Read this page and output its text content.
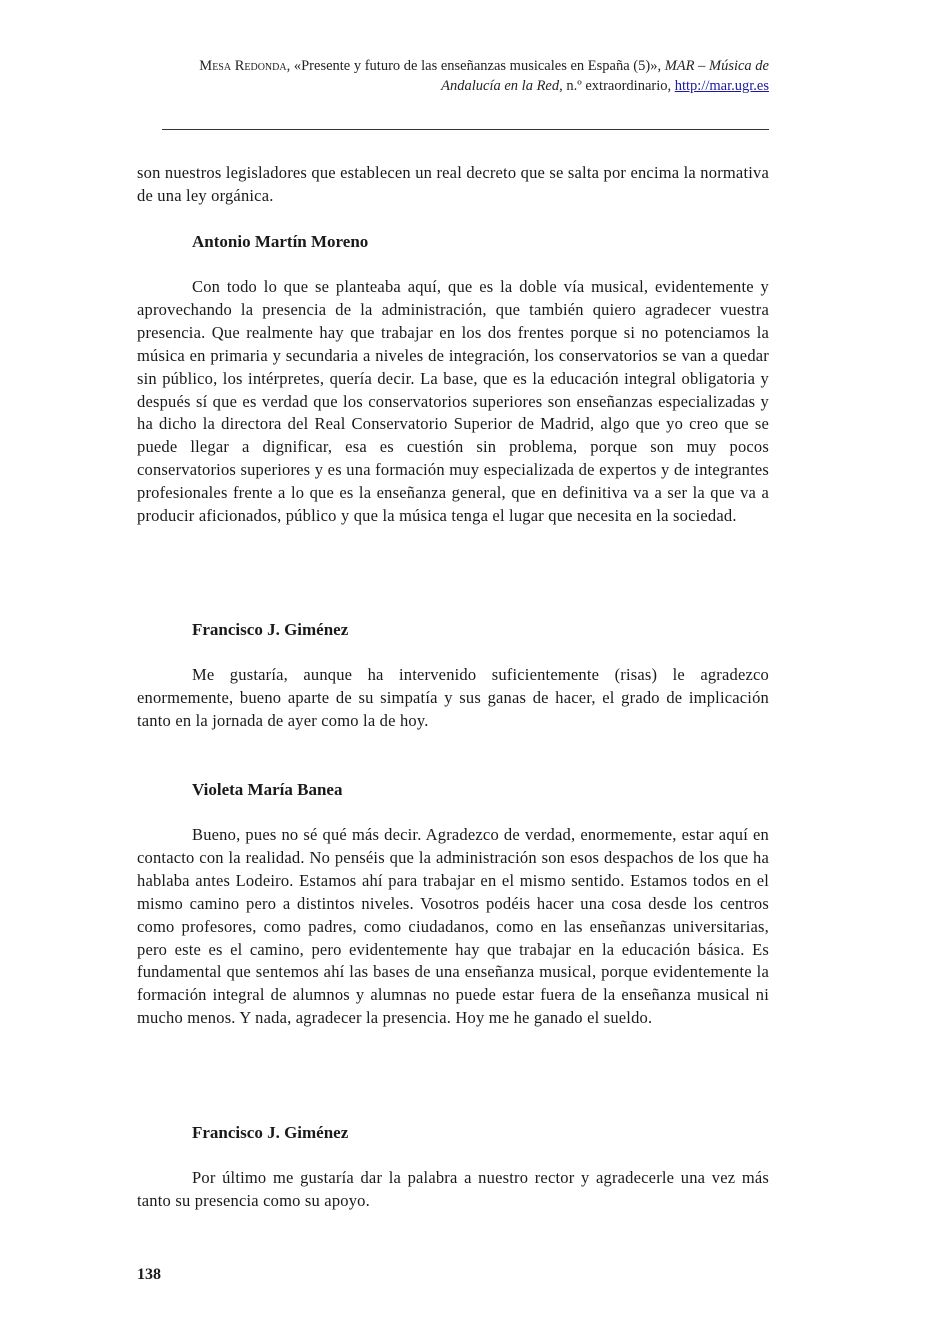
Mesa Redonda, «Presente y futuro de las enseñanzas musicales en España (5)», MAR – Música de
Andalucía en la Red, n.º extraordinario, http://mar.ugr.es

son nuestros legisladores que establecen un real decreto que se salta por encima la normativa de una ley orgánica.

Antonio Martín Moreno

Con todo lo que se planteaba aquí, que es la doble vía musical, evidentemente y aprovechando la presencia de la administración, que también quiero agradecer vuestra presencia. Que realmente hay que trabajar en los dos frentes porque si no potenciamos la música en primaria y secundaria a niveles de integración, los conservatorios se van a quedar sin público, los intérpretes, quería decir. La base, que es la educación integral obligatoria y después sí que es verdad que los conservatorios superiores son enseñanzas especializadas y ha dicho la directora del Real Conservatorio Superior de Madrid, algo que yo creo que se puede llegar a dignificar, esa es cuestión sin problema, porque son muy pocos conservatorios superiores y es una formación muy especializada de expertos y de integrantes profesionales frente a lo que es la enseñanza general, que en definitiva va a ser la que va a producir aficionados, público y que la música tenga el lugar que necesita en la sociedad.

Francisco J. Giménez

Me gustaría, aunque ha intervenido suficientemente (risas) le agradezco enormemente, bueno aparte de su simpatía y sus ganas de hacer, el grado de implicación tanto en la jornada de ayer como la de hoy.

Violeta María Banea

Bueno, pues no sé qué más decir. Agradezco de verdad, enormemente, estar aquí en contacto con la realidad. No penséis que la administración son esos despachos de los que ha hablaba antes Lodeiro. Estamos ahí para trabajar en el mismo sentido. Estamos todos en el mismo camino pero a distintos niveles. Vosotros podéis hacer una cosa desde los centros como profesores, como padres, como ciudadanos, como en las enseñanzas universitarias, pero este es el camino, pero evidentemente hay que trabajar en la educación básica. Es fundamental que sentemos ahí las bases de una enseñanza musical, porque evidentemente la formación integral de alumnos y alumnas no puede estar fuera de la enseñanza musical ni mucho menos. Y nada, agradecer la presencia. Hoy me he ganado el sueldo.

Francisco J. Giménez

Por último me gustaría dar la palabra a nuestro rector y agradecerle una vez más tanto su presencia como su apoyo.

138
